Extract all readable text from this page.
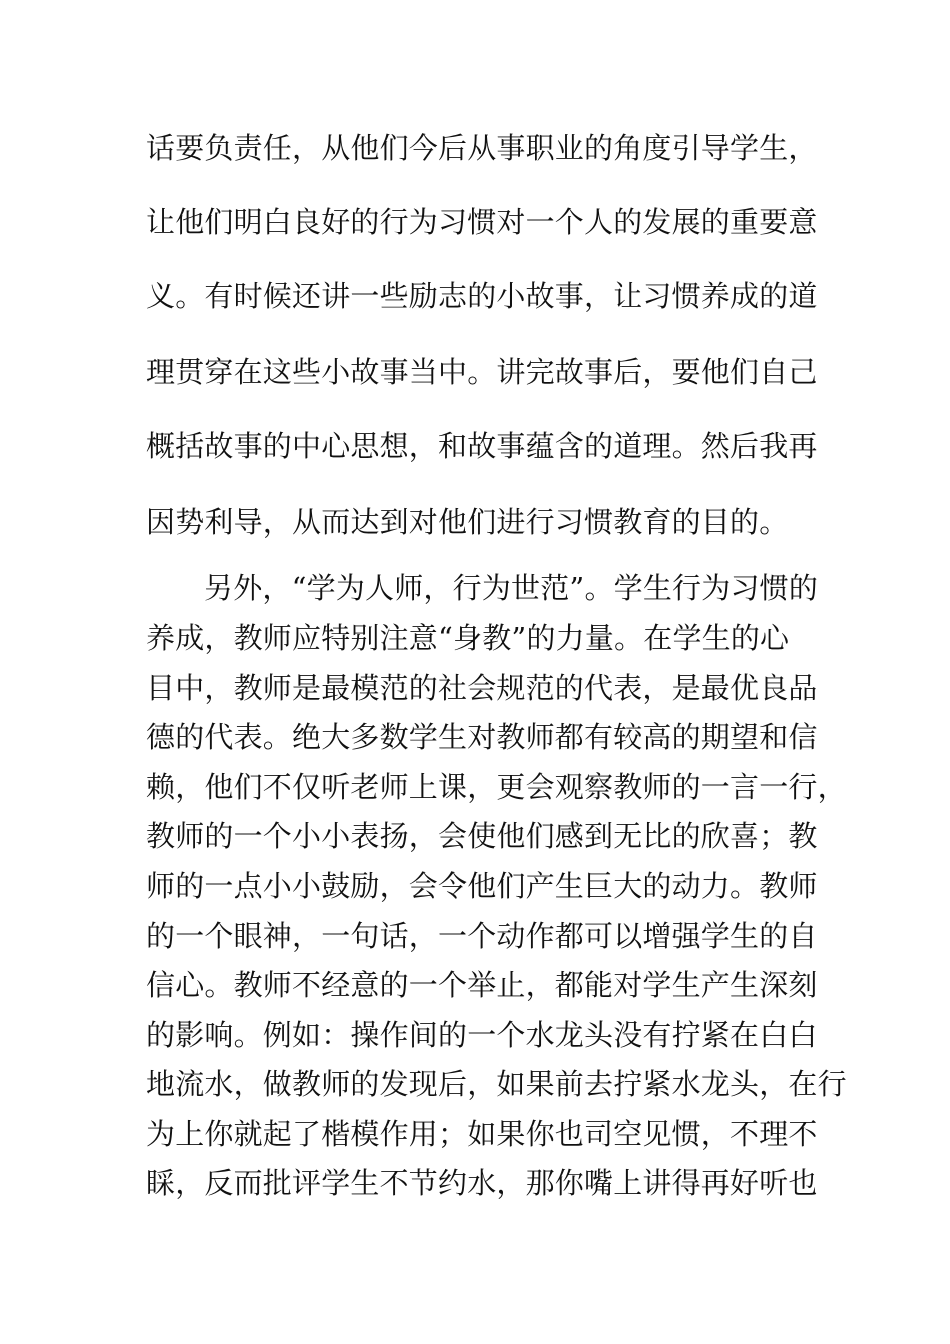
话要负责任，从他们今后从事职业的角度引导学生，
让他们明白良好的行为习惯对一个人的发展的重要意
义。有时候还讲一些励志的小故事，让习惯养成的道
理贯穿在这些小故事当中。讲完故事后，要他们自己
概括故事的中心思想，和故事蕴含的道理。然后我再
因势利导，从而达到对他们进行习惯教育的目的。
另外，“学为人师，行为世范”。学生行为习惯的
养成，教师应特别注意“身教”的力量。在学生的心
目中，教师是最模范的社会规范的代表，是最优良品
德的代表。绝大多数学生对教师都有较高的期望和信
赖，他们不仅听老师上课，更会观察教师的一言一行，
教师的一个小小表扬，会使他们感到无比的欣喜；教
师的一点小小鼓励，会令他们产生巨大的动力。教师
的一个眼神，一句话，一个动作都可以增强学生的自
信心。教师不经意的一个举止，都能对学生产生深刻
的影响。例如：操作间的一个水龙头没有拧紧在白白
地流水，做教师的发现后，如果前去拧紧水龙头，在行
为上你就起了楷模作用；如果你也司空见惯，不理不
睬，反而批评学生不节约水，那你嘴上讲得再好听也
